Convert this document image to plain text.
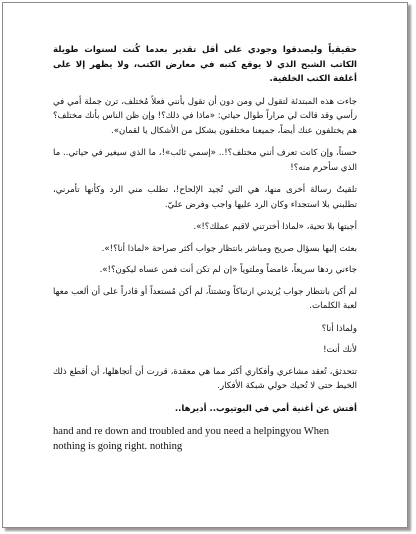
حقيقياً وليصدقوا وجودي على أقل تقدير بعدما كُنت لسنوات طويلة الكاتب الشبح الذي لا يوقع كتبه في معارض الكتب، ولا يظهر إلا على أغلفة الكتب الخلفية.

جاءت هذه المبتدئة لتقول لي ومن دون أن تقول بأنني فعلاً مُختلف، ترن جملة أمي في رأسي وقد قالت لي مراراً طوال حياتي: «ماذا في ذلك؟! وإن ظن الناس بأنك مختلف؟ هم يختلفون عنك أيضاً، جميعنا مختلفون بشكل من الأشكال يا لقمان».

حسناً، وإن كانت تعرف أنني مختلف؟!.. «إسمي ثائب»!، ما الذي سيغير في حياتي.. ما الذي سأحرم منه؟!

تلقيتُ رسالة أخرى منها، هي التي تُجيد الإلحاح!، تطلب مني الرد وكأنها تأمرني، تطلبني بلا استجداء وكان الرد عليها واجب وفرض عليّ.

أجبتها بلا تحية، «لماذا أخترتني لاقيم عملك؟!».

بعثت إليها بسؤال صريح ومباشر بانتظار جواب أكثر صراحة «لماذا أنا؟!».

جاءني ردها سريعاً، غامضاً وملتوياً «إن لم تكن أنت فمن عساه ليكون؟!».

لم أكن بانتظار جواب يُزيدني ارتباكاً وتشتتاً، لم أكن مُستعداً أو قادراً على أن ألعب معها لعبة الكلمات.

ولماذا أنا؟

لأنك أنت!

تتحدثق، تُعقد مشاعري وأفكاري أكثر مما هي معقدة، قررت أن أتجاهلها، أن أقطع ذلك الخيط حتى لا تُحيك حولي شبكة الأفكار.

أفتش عن أغنية أمي في اليوتيوب.. أديرها..

hand and re down and troubled and you need a helping‏you When
nothing is going right. ‏nothing
